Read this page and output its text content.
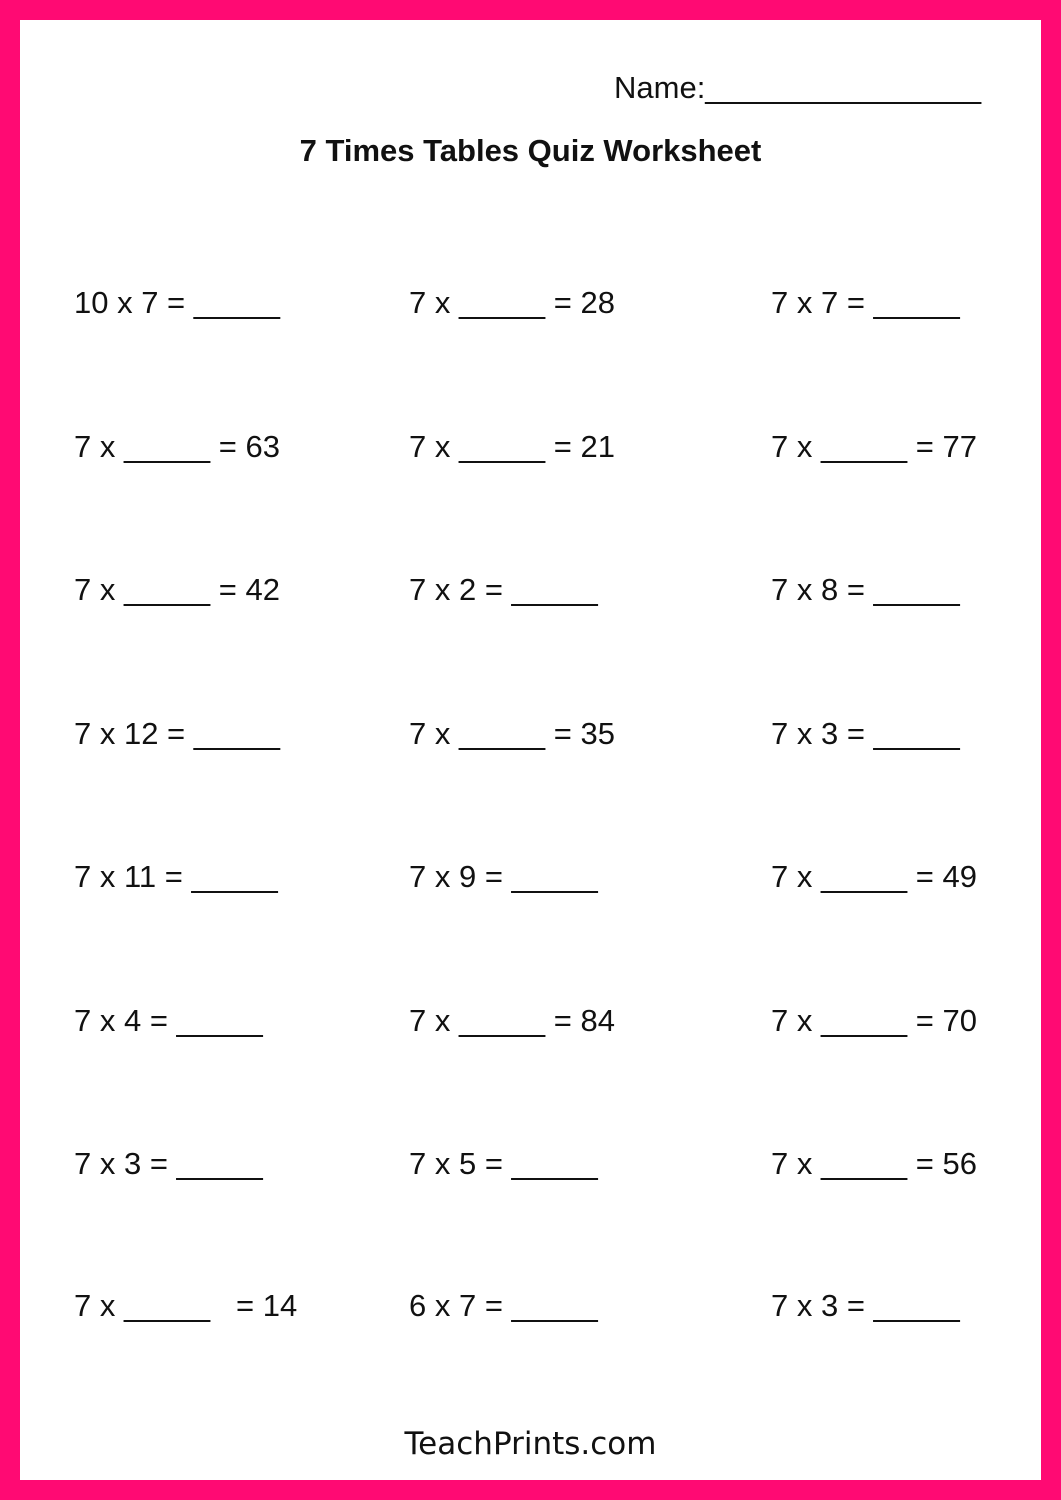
Name:________________
7 Times Tables Quiz Worksheet
10 x 7 = _____	7 x _____ = 28	7 x 7 = _____
7 x _____ = 63	7 x _____ = 21	7 x _____ = 77
7 x _____ = 42	7 x 2 = _____	7 x 8 = _____
7 x 12 = _____	7 x _____ = 35	7 x 3 = _____
7 x 11 = _____	7 x 9 = _____	7 x _____ = 49
7 x 4 = _____	7 x _____ = 84	7 x _____ = 70
7 x 3 = _____	7 x 5 = _____	7 x _____ = 56
7 x _____   = 14	6 x 7 = _____	7 x 3 = _____
TeachPrints.com
